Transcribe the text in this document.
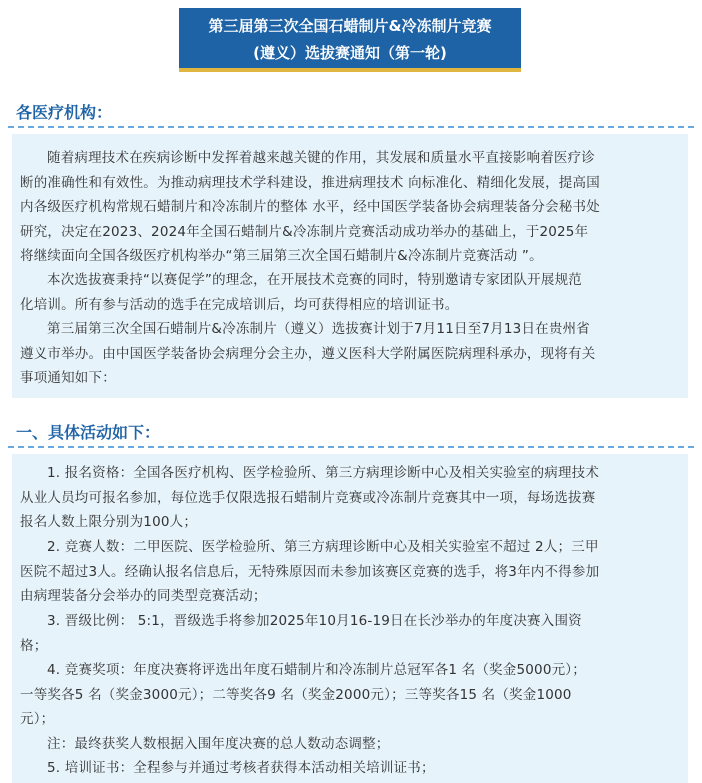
第三届第三次全国石蜡制片&冷冻制片竞赛
(遵义）选拔赛通知（第一轮)
各医疗机构：
随着病理技术在疾病诊断中发挥着越来越关键的作用，其发展和质量水平直接影响着医疗诊
断的准确性和有效性。为推动病理技术学科建设，推进病理技术 向标准化、精细化发展，提高国
内各级医疗机构常规石蜡制片和冷冻制片的整体 水平，经中国医学装备协会病理装备分会秘书处
研究，决定在2023、2024年全国石蜡制片&冷冻制片竞赛活动成功举办的基础上，于2025年
将继续面向全国各级医疗机构举办“第三届第三次全国石蜡制片&冷冻制片竞赛活动 ”。
本次选拔赛秉持“以赛促学”的理念，在开展技术竞赛的同时，特别邀请专家团队开展规范
化培训。所有参与活动的选手在完成培训后，均可获得相应的培训证书。
第三届第三次全国石蜡制片&冷冻制片（遵义）选拔赛计划于7月11日至7月13日在贵州省
遵义市举办。由中国医学装备协会病理分会主办，遵义医科大学附属医院病理科承办，现将有关
事项通知如下：
一、具体活动如下：
1. 报名资格：全国各医疗机构、医学检验所、第三方病理诊断中心及相关实验室的病理技术
从业人员均可报名参加，每位选手仅限选报石蜡制片竞赛或冷冻制片竞赛其中一项，每场选拔赛
报名人数上限分别为100人；
2. 竞赛人数：二甲医院、医学检验所、第三方病理诊断中心及相关实验室不超过 2人；三甲
医院不超过3人。经确认报名信息后，无特殊原因而未参加该赛区竞赛的选手，将3年内不得参加
由病理装备分会举办的同类型竞赛活动；
3. 晋级比例： 5:1，晋级选手将参加2025年10月16-19日在长沙举办的年度决赛入围资
格；
4. 竞赛奖项：年度决赛将评选出年度石蜡制片和冷冻制片总冠军各1 名（奖金5000元）；
一等奖各5 名（奖金3000元）；二等奖各9 名（奖金2000元）；三等奖各15 名（奖金1000
元）；
注：最终获奖人数根据入围年度决赛的总人数动态调整；
5. 培训证书：全程参与并通过考核者获得本活动相关培训证书；
